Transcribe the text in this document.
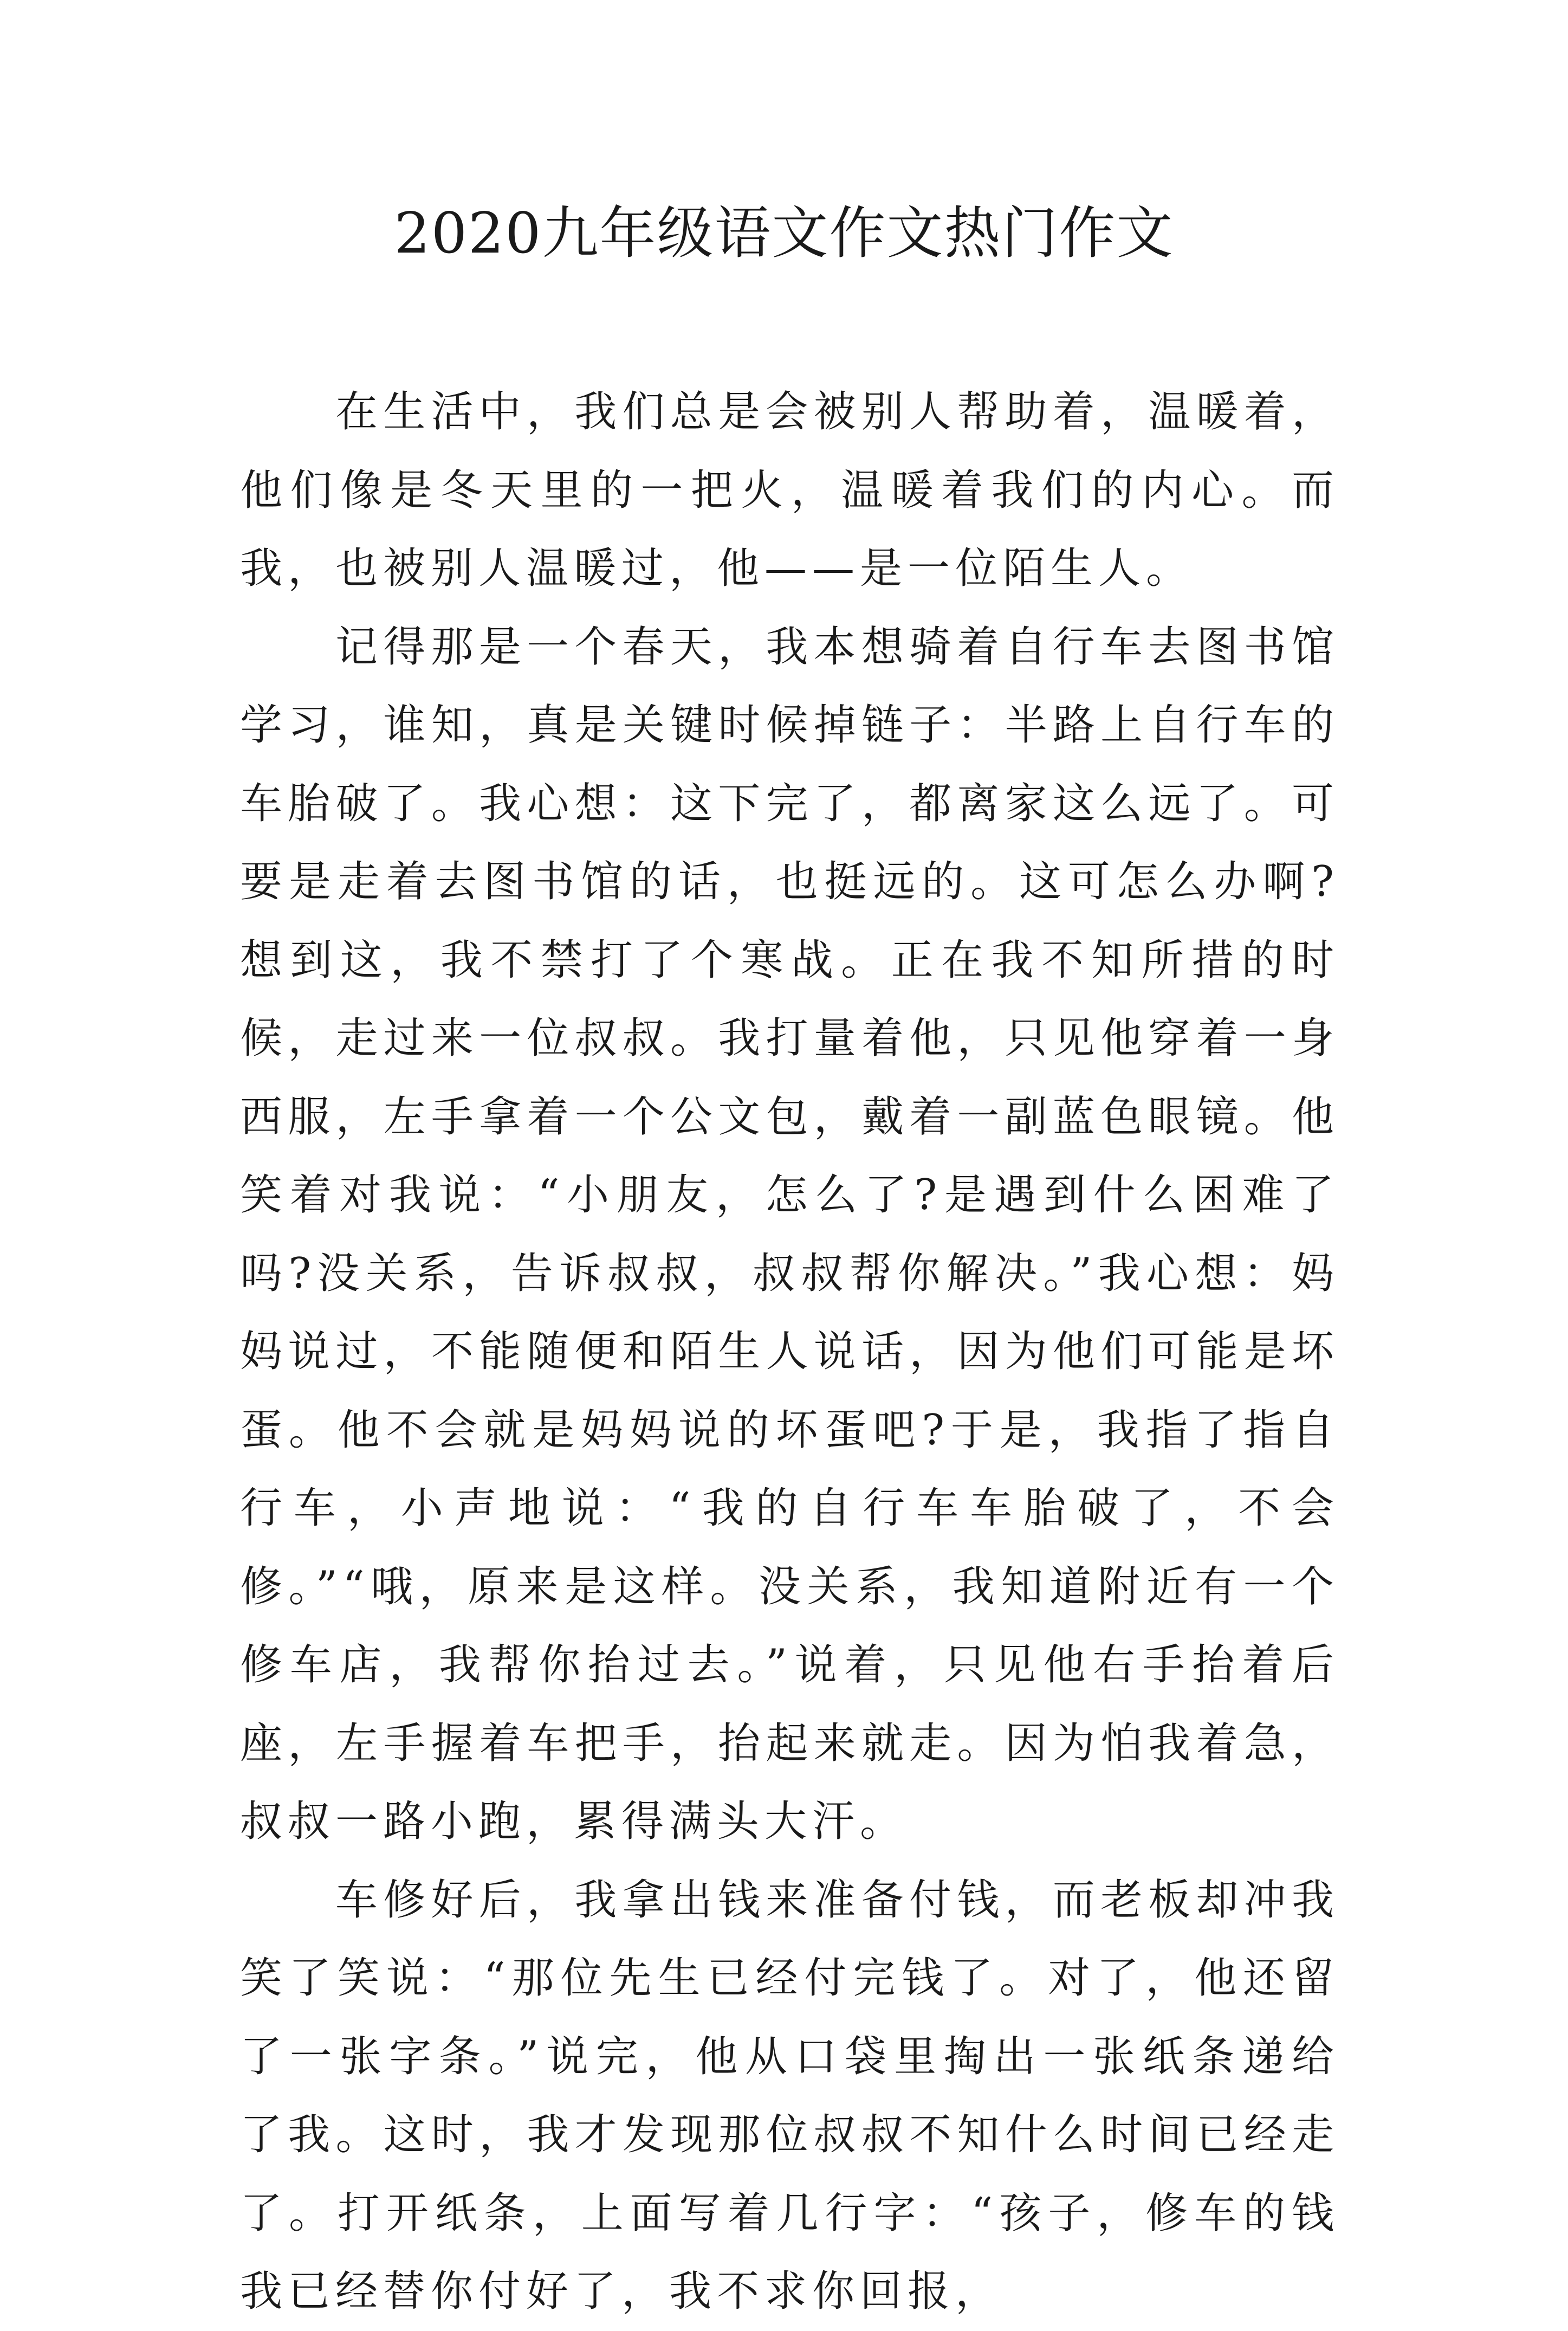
2020九年级语文作文热门作文

在生活中，我们总是会被别人帮助着，温暖着，他们像是冬天里的一把火，温暖着我们的内心。而我，也被别人温暖过，他——是一位陌生人。

记得那是一个春天，我本想骑着自行车去图书馆学习，谁知，真是关键时候掉链子：半路上自行车的车胎破了。我心想：这下完了，都离家这么远了。可要是走着去图书馆的话，也挺远的。这可怎么办啊?想到这，我不禁打了个寒战。正在我不知所措的时候，走过来一位叔叔。我打量着他，只见他穿着一身西服，左手拿着一个公文包，戴着一副蓝色眼镜。他笑着对我说：“小朋友，怎么了?是遇到什么困难了吗?没关系，告诉叔叔，叔叔帮你解决。”我心想：妈妈说过，不能随便和陌生人说话，因为他们可能是坏蛋。他不会就是妈妈说的坏蛋吧?于是，我指了指自行车，小声地说：“我的自行车车胎破了，不会修。”“哦，原来是这样。没关系，我知道附近有一个修车店，我帮你抬过去。”说着，只见他右手抬着后座，左手握着车把手，抬起来就走。因为怕我着急，叔叔一路小跑，累得满头大汗。

车修好后，我拿出钱来准备付钱，而老板却冲我笑了笑说：“那位先生已经付完钱了。对了，他还留了一张字条。”说完，他从口袋里掏出一张纸条递给了我。这时，我才发现那位叔叔不知什么时间已经走了。打开纸条，上面写着几行字：“孩子，修车的钱我已经替你付好了，我不求你回报，
